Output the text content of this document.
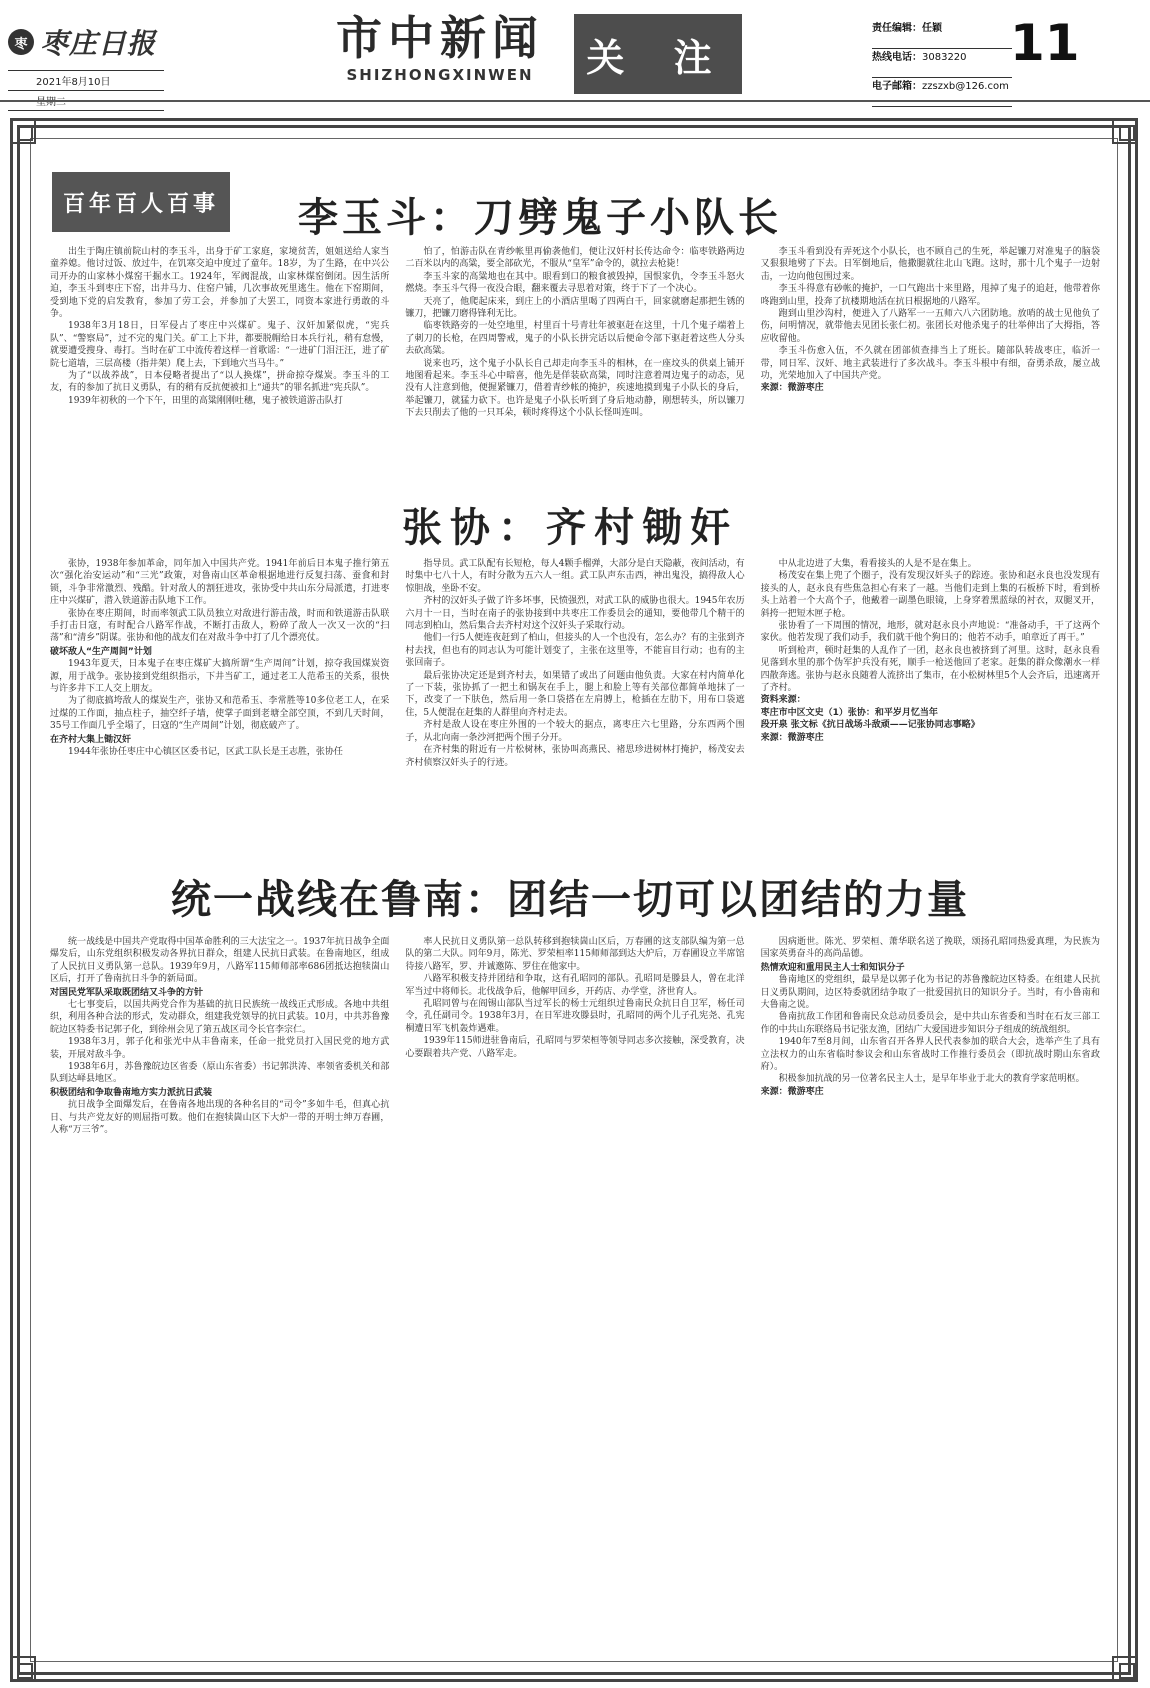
枣 枣庄日报
2021年8月10日
星期二
市中新闻
SHIZHONGXINWEN	关 注
责任编辑：任颖
热线电话：3083220
电子邮箱：zzszxb@126.com
11
百年百人百事	李玉斗：刀劈鬼子小队长

出生于陶庄镇前院山村的李玉斗，出身于矿工家庭，家境贫苦，姐姐送给人家当童养媳。他讨过饭、放过牛，在饥寒交迫中度过了童年。18岁，为了生路，在中兴公司开办的山家林小煤窑干掘水工。1924年，军阀混战，山家林煤窑倒闭。因生活所迫，李玉斗到枣庄下窑，出井马力、住窑户铺，几次事故死里逃生。他在下窑期间，受到地下党的启发教育，参加了劳工会，并参加了大罢工，同资本家进行勇敢的斗争。

1938年3月18日，日军侵占了枣庄中兴煤矿。鬼子、汉奸加紧似虎，“宪兵队”、“警察局”，过不完的鬼门关。矿工上下井，都要脱帽给日本兵行礼，稍有怠慢，就要遭受搜身、毒打。当时在矿工中流传着这样一首歌谣：“一进矿门泪汪汪，进了矿院七道墙，三层高楼（指井架）爬上去，下到地穴当马牛。”

为了“以战养战”，日本侵略者提出了“以人换煤”，拼命掠夺煤炭。李玉斗的工友，有的参加了抗日义勇队，有的稍有反抗便被扣上“通共”的罪名抓进“宪兵队”。

1939年初秋的一个下午，田里的高粱刚刚吐穗，鬼子被铁道游击队打

怕了，怕游击队在青纱帐里再偷袭他们，便让汉奸村长传达命令：临枣铁路两边二百米以内的高粱，要全部砍光，不服从“皇军”命令的，就拉去枪毙！

李玉斗家的高粱地也在其中。眼看到口的粮食被毁掉，国恨家仇，令李玉斗怒火燃烧。李玉斗气得一夜没合眼，翻来覆去寻思着对策，终于下了一个决心。

天亮了，他爬起床来，到庄上的小酒店里喝了四两白干，回家就磨起那把生锈的镰刀，把镰刀磨得锋利无比。

临枣铁路旁的一处空地里，村里百十号青壮年被驱赶在这里，十几个鬼子端着上了刺刀的长枪，在四周警戒，鬼子的小队长拼完话以后便命令部下驱赶着这些人分头去砍高粱。

说来也巧，这个鬼子小队长自己却走向李玉斗的相林，在一座坟头的供桌上铺开地图看起来。李玉斗心中暗喜，他先是佯装砍高粱，同时注意着周边鬼子的动态，见没有人注意到他，便握紧镰刀，借着青纱帐的掩护，疾速地摸到鬼子小队长的身后，举起镰刀，就猛力砍下。也许是鬼子小队长听到了身后地动静，刚想转头，所以镰刀下去只削去了他的一只耳朵，顿时疼得这个小队长怪叫连叫。

李玉斗看到没有弄死这个小队长，也不顾自己的生死，举起镰刀对准鬼子的脑袋又狠狠地劈了下去。日军倒地后，他撒腿就往北山飞跑。这时，那十几个鬼子一边射击，一边向他包围过来。

李玉斗得意有砂帐的掩护，一口气跑出十来里路，甩掉了鬼子的追赶，他带着你咚跑到山里，投奔了抗楼期地活在抗日根据地的八路军。

跑到山里沙沟村，便进入了八路军一一五师六八六团防地。放哨的战士见他负了伤，问明情况，就带他去见团长张仁初。张团长对他杀鬼子的壮举伸出了大拇指，答应收留他。

李玉斗伤愈入伍，不久就在团部侦查排当上了班长。随部队转战枣庄，临沂一带，同日军、汉奸、地主武装进行了多次战斗。李玉斗根中有细，奋勇杀敌，屡立战功，光荣地加入了中国共产党。

来源：微游枣庄

张协：齐村锄奸

张协，1938年参加革命，同年加入中国共产党。1941年前后日本鬼子推行第五次“强化治安运动”和“三光”政策，对鲁南山区革命根据地进行反复扫荡、蚕食和封锁，斗争非常激烈、残酷。针对敌人的割狂进攻，张协受中共山东分局派遣，打进枣庄中兴煤矿，潜入铁道游击队地下工作。

张协在枣庄期间，时而率领武工队员独立对敌进行游击战，时而和铁道游击队联手打击日寇，有时配合八路军作战，不断打击敌人，粉碎了敌人一次又一次的“扫荡”和“清乡”阴谋。张协和他的战友们在对敌斗争中打了几个漂亮仗。

破坏敌人“生产周间”计划

1943年夏天，日本鬼子在枣庄煤矿大搞所谓“生产周间”计划，掠夺我国煤炭资源，用于战争。张协接到党组织指示，下井当矿工，通过老工人范希玉的关系，很快与许多井下工人交上朋友。

为了彻底搞垮敌人的煤炭生产，张协又和范希玉、李常胜等10多位老工人，在采过煤的工作面，抽点柱子，抽空纤子墙，使掌子面到老塘全部空顶，不到几天时间，35号工作面几乎全塌了，日寇的“生产周间”计划，彻底破产了。

在齐村大集上锄汉奸

1944年张协任枣庄中心镇区区委书记，区武工队长是王志胜，张协任

指导员。武工队配有长短枪，每人4颗手榴弹，大部分是白天隐蔽，夜间活动，有时集中七八十人，有时分散为五六人一组。武工队声东击西，神出鬼没，搞得敌人心惊胆战，坐卧不安。

齐村的汉奸头子做了许多坏事，民愤强烈，对武工队的威胁也很大。1945年农历六月十一日，当时在南子的张协接到中共枣庄工作委员会的通知，要他带几个精干的同志到柏山，然后集合去齐村对这个汉奸头子采取行动。

他们一行5人便连夜赶到了柏山，但接头的人一个也没有，怎么办？有的主张到齐村去找，但也有的同志认为可能计划变了，主张在这里等，不能盲目行动；也有的主张回南子。

最后张协决定还是到齐村去，如果错了或出了问题由他负责。大家在村内简单化了一下装，张协抓了一把土和锅灰在手上，腿上和脸上等有关部位都简单地抹了一下，改变了一下肤色，然后用一条口袋搭在左肩膊上，枪插在左肋下，用布口袋遮住，5人便混在赶集的人群里向齐村走去。

齐村是敌人设在枣庄外围的一个较大的据点，离枣庄六七里路，分东西两个围子，从北向南一条沙河把两个围子分开。

在齐村集的附近有一片松树林，张协叫高燕民、褚思珍进树林打掩护，杨茂安去齐村侦察汉奸头子的行迹。

中从北边进了大集，看看接头的人是不是在集上。

杨茂安在集上兜了个圈子，没有发现汉奸头子的踪迹。张协和赵永良也没发现有接头的人，赵永良有些焦急担心有来了一越。当他们走到上集的石板桥下时，看到桥头上站着一个大高个子，他戴着一副墨色眼镜，上身穿着黑蓝绿的衬衣，双腿叉开，斜挎一把短木匣子枪。

张协看了一下周围的情况，地形，就对赵永良小声地说：“准备动手，干了这两个家伙。他若发现了我们动手，我们就干他个狗日的；他若不动手，咱章近了再干。”

听到枪声，顿时赶集的人乱作了一团，赵永良也被挤到了河里。这时，赵永良看见落到水里的那个伪军护兵没有死，顺手一枪送他回了老家。赶集的群众像潮水一样四散奔逃。张协与赵永良随着人流挤出了集市，在小松树林里5个人会齐后，迅速离开了齐村。

资料来源：

枣庄市中区文史（1）张协：和平岁月忆当年

段开泉 张文标《抗日战场斗敌顽——记张协同志事略》

来源：微游枣庄

统一战线在鲁南：团结一切可以团结的力量

统一战线是中国共产党取得中国革命胜利的三大法宝之一。1937年抗日战争全面爆发后，山东党组织积极发动各界抗日群众，组建人民抗日武装。在鲁南地区，组成了人民抗日义勇队第一总队。1939年9月，八路军115师师部率686团抵达抱犊崮山区后，打开了鲁南抗日斗争的新局面。

对国民党军队采取既团结又斗争的方针

七七事变后，以国共两党合作为基础的抗日民族统一战线正式形成。各地中共组织，利用各种合法的形式，发动群众，组建我党领导的抗日武装。10月，中共苏鲁豫皖边区特委书记郭子化，到徐州会见了第五战区司令长官李宗仁。

1938年3月，郭子化和张光中从丰鲁南来，任命一批党员打入国民党的地方武装，开展对敌斗争。

1938年6月，苏鲁豫皖边区省委（原山东省委）书记郭洪涛、率领省委机关和部队到达峄县地区。

积极团结和争取鲁南地方实力派抗日武装

抗日战争全面爆发后，在鲁南各地出现的各种名目的“司令”多如牛毛，但真心抗日、与共产党友好的则屈指可数。他们在抱犊崮山区下大炉一带的开明士绅万春圃，人称“万三爷”。

率人民抗日义勇队第一总队转移到抱犊崮山区后，万春圃的这支部队编为第一总队的第二大队。同年9月，陈光、罗荣桓率115师师部到达大炉后，万春圃设立半席馆待接八路军，罗、并诚邀陈、罗住在他家中。

八路军积极支持并团结和争取，这有孔昭同的部队。孔昭同是滕县人，曾在北洋军当过中将师长。北伐战争后，他解甲回乡，开药店、办学堂，济世育人。

孔昭同曾与在阎锡山部队当过军长的杨士元组织过鲁南民众抗日自卫军，杨任司令，孔任副司令。1938年3月，在日军进攻滕县时，孔昭同的两个儿子孔宪尧、孔宪桐遭日军飞机轰炸遇难。

1939年115师进驻鲁南后，孔昭同与罗荣桓等领导同志多次接触，深受教育，决心要跟着共产党、八路军走。

因病逝世。陈光、罗荣桓、萧华联名送了挽联，颂扬孔昭同热爱真理，为民族为国家英勇奋斗的高尚品德。

热情欢迎和重用民主人士和知识分子

鲁南地区的党组织，最早是以郭子化为书记的苏鲁豫皖边区特委。在组建人民抗日义勇队期间，边区特委就团结争取了一批爱国抗日的知识分子。当时，有小鲁南和大鲁南之说。

鲁南抗敌工作团和鲁南民众总动员委员会，是中共山东省委和当时在石友三部工作的中共山东联络局书记张友渔，团结广大爱国进步知识分子组成的统战组织。

1940年7至8月间，山东省召开各界人民代表参加的联合大会，选举产生了具有立法权力的山东省临时参议会和山东省战时工作推行委员会（即抗战时期山东省政府）。

积极参加抗战的另一位著名民主人士，是早年毕业于北大的教育学家范明枢。

来源：微游枣庄
